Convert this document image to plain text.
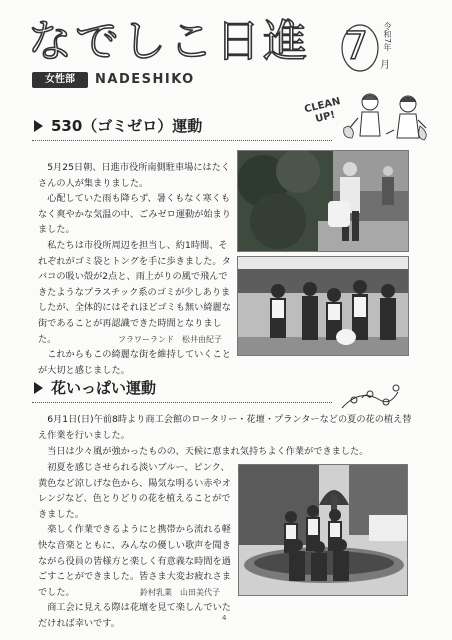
なでしこ日進 7	令和7年
月
女性部	NADESHIKO
CLEAN UP!
530（ゴミゼロ）運動

5月25日朝、日進市役所南側駐車場にはたくさんの人が集まりました。

心配していた雨も降らず、暑くもなく寒くもなく爽やかな気温の中、ごみゼロ運動が始まりました。

私たちは市役所周辺を担当し、約1時間、それぞれがゴミ袋とトングを手に歩きました。タバコの吸い殻が2点と、雨上がりの風で飛んできたようなプラスチック系のゴミが少しありましたが、全体的にはそれほどゴミも無い綺麗な街であることが再認識できた時間となりました。

これからもこの綺麗な街を維持していくことが大切と感じました。

フラワーランド　松井由紀子
花いっぱい運動

6月1日(日)午前8時より商工会館のロータリー・花壇・プランターなどの夏の花の植え替え作業を行いました。

当日は少々風が強かったものの、天候に恵まれ気持ちよく作業ができました。

初夏を感じさせられる淡いブルー、ピンク、黄色など涼しげな色から、陽気な明るい赤やオレンジなど、色とりどりの花を植えることができました。

楽しく作業できるようにと携帯から流れる軽快な音楽とともに、みんなの優しい歌声を聞きながら役員の皆様方と楽しく有意義な時間を過ごすことができました。皆さま大変お疲れさまでした。

商工会に見える際は花壇を見て楽しんでいただければ幸いです。

鈴村乳業　山田美代子
4
